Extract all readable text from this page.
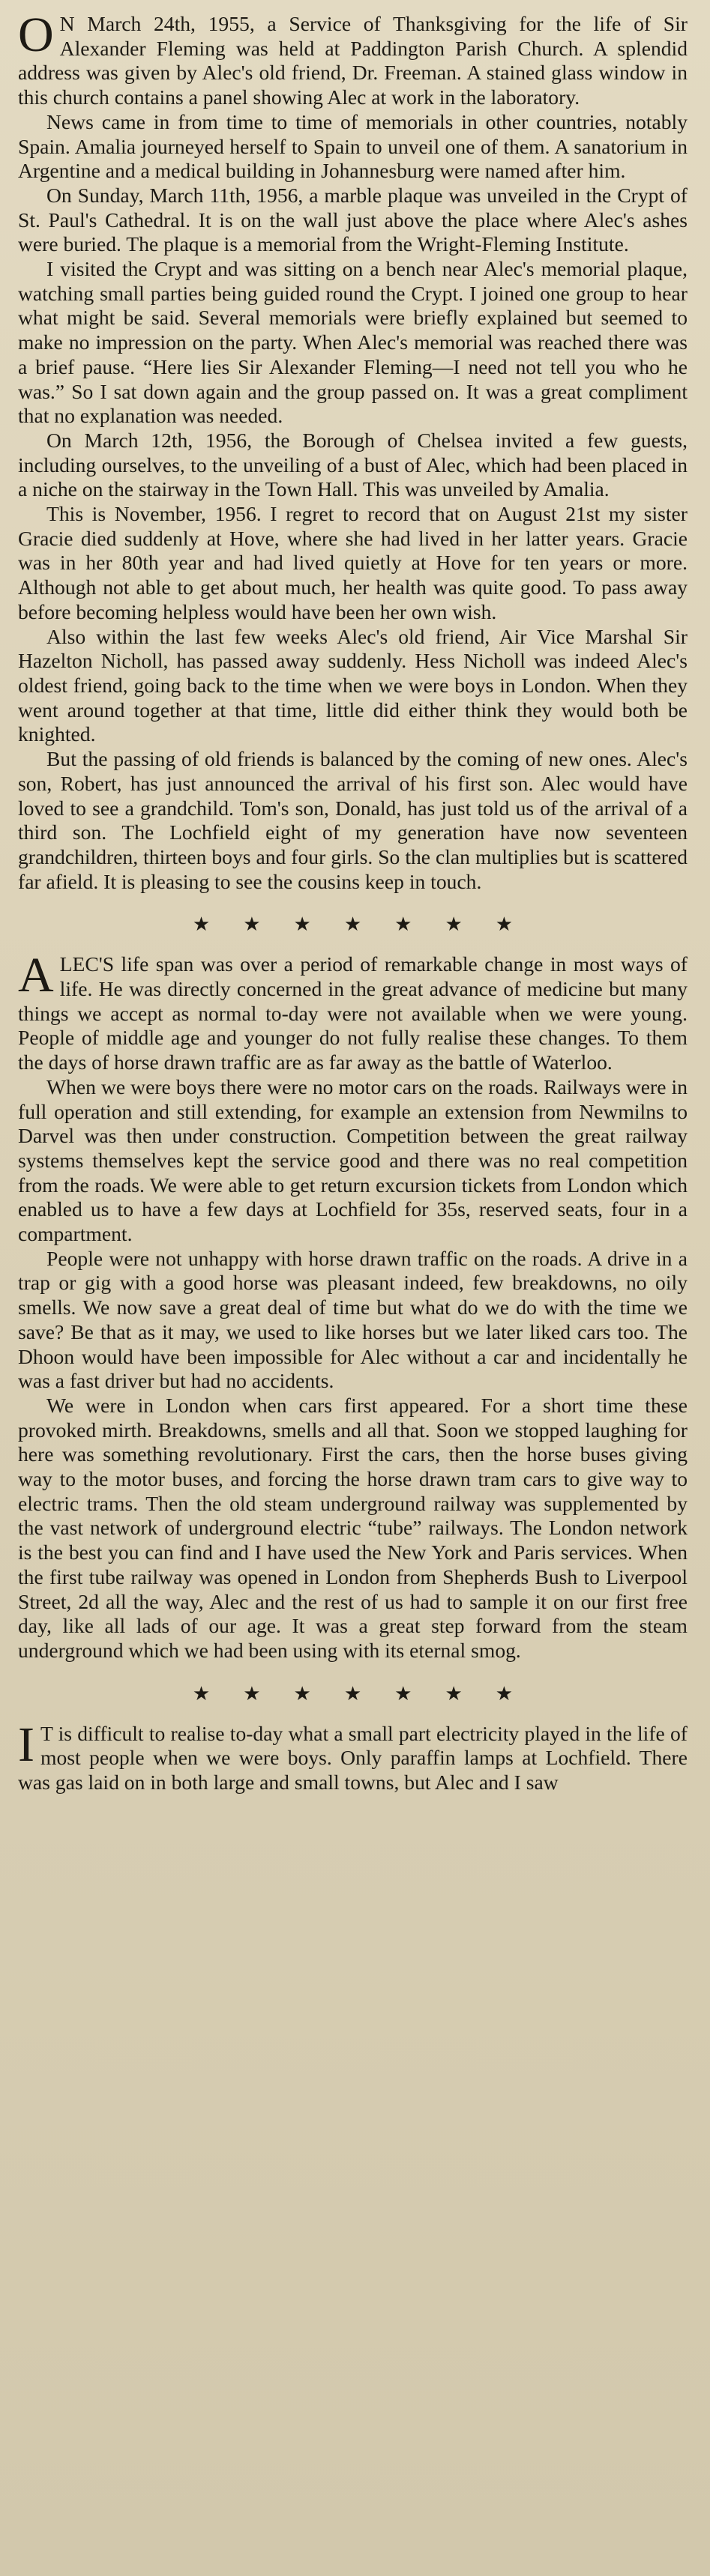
O N March 24th, 1955, a Service of Thanksgiving for the life of Sir Alexander Fleming was held at Paddington Parish Church. A splendid address was given by Alec's old friend, Dr. Freeman. A stained glass window in this church contains a panel showing Alec at work in the laboratory.

News came in from time to time of memorials in other countries, notably Spain. Amalia journeyed herself to Spain to unveil one of them. A sanatorium in Argentine and a medical building in Johannesburg were named after him.

On Sunday, March 11th, 1956, a marble plaque was unveiled in the Crypt of St. Paul's Cathedral. It is on the wall just above the place where Alec's ashes were buried. The plaque is a memorial from the Wright-Fleming Institute.

I visited the Crypt and was sitting on a bench near Alec's memorial plaque, watching small parties being guided round the Crypt. I joined one group to hear what might be said. Several memorials were briefly explained but seemed to make no impression on the party. When Alec's memorial was reached there was a brief pause. “Here lies Sir Alexander Fleming—I need not tell you who he was.” So I sat down again and the group passed on. It was a great compliment that no explanation was needed.

On March 12th, 1956, the Borough of Chelsea invited a few guests, including ourselves, to the unveiling of a bust of Alec, which had been placed in a niche on the stairway in the Town Hall. This was unveiled by Amalia.

This is November, 1956. I regret to record that on August 21st my sister Gracie died suddenly at Hove, where she had lived in her latter years. Gracie was in her 80th year and had lived quietly at Hove for ten years or more. Although not able to get about much, her health was quite good. To pass away before becoming helpless would have been her own wish.

Also within the last few weeks Alec's old friend, Air Vice Marshal Sir Hazelton Nicholl, has passed away suddenly. Hess Nicholl was indeed Alec's oldest friend, going back to the time when we were boys in London. When they went around together at that time, little did either think they would both be knighted.

But the passing of old friends is balanced by the coming of new ones. Alec's son, Robert, has just announced the arrival of his first son. Alec would have loved to see a grandchild. Tom's son, Donald, has just told us of the arrival of a third son. The Lochfield eight of my generation have now seventeen grandchildren, thirteen boys and four girls. So the clan multiplies but is scattered far afield. It is pleasing to see the cousins keep in touch.

★ ★ ★ ★ ★ ★ ★

ALEC'S life span was over a period of remarkable change in most ways of life. He was directly concerned in the great advance of medicine but many things we accept as normal to-day were not available when we were young. People of middle age and younger do not fully realise these changes. To them the days of horse drawn traffic are as far away as the battle of Waterloo.

When we were boys there were no motor cars on the roads. Railways were in full operation and still extending, for example an extension from Newmilns to Darvel was then under construction. Competition between the great railway systems themselves kept the service good and there was no real competition from the roads. We were able to get return excursion tickets from London which enabled us to have a few days at Lochfield for 35s, reserved seats, four in a compartment.

People were not unhappy with horse drawn traffic on the roads. A drive in a trap or gig with a good horse was pleasant indeed, few breakdowns, no oily smells. We now save a great deal of time but what do we do with the time we save? Be that as it may, we used to like horses but we later liked cars too. The Dhoon would have been impossible for Alec without a car and incidentally he was a fast driver but had no accidents.

We were in London when cars first appeared. For a short time these provoked mirth. Breakdowns, smells and all that. Soon we stopped laughing for here was something revolutionary. First the cars, then the horse buses giving way to the motor buses, and forcing the horse drawn tram cars to give way to electric trams. Then the old steam underground railway was supplemented by the vast network of underground electric “tube” railways. The London network is the best you can find and I have used the New York and Paris services. When the first tube railway was opened in London from Shepherds Bush to Liverpool Street, 2d all the way, Alec and the rest of us had to sample it on our first free day, like all lads of our age. It was a great step forward from the steam underground which we had been using with its eternal smog.

★ ★ ★ ★ ★ ★ ★

I T is difficult to realise to-day what a small part electricity played in the life of most people when we were boys. Only paraffin lamps at Lochfield. There was gas laid on in both large and small towns, but Alec and I saw
